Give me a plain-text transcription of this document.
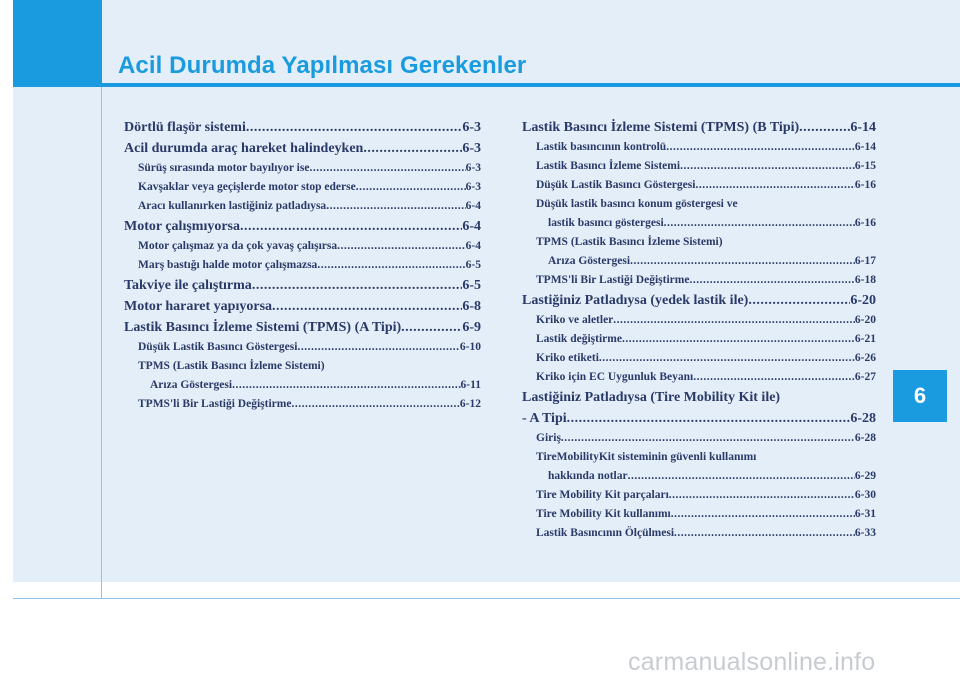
Acil Durumda Yapılması Gerekenler
Dörtlü flaşör sistemi .....	6-3
Acil durumda araç hareket halindeyken .....	6-3
Sürüş sırasında motor bayılıyor ise .....	6-3
Kavşaklar veya geçişlerde motor stop ederse .....	6-3
Aracı kullanırken lastiğiniz patladıysa .....	6-4
Motor çalışmıyorsa .....	6-4
Motor çalışmaz ya da çok yavaş çalışırsa .....	6-4
Marş bastığı halde motor çalışmazsa .....	6-5
Takviye ile çalıştırma .....	6-5
Motor hararet yapıyorsa .....	6-8
Lastik Basıncı İzleme Sistemi (TPMS) (A Tipi) .....	6-9
Düşük Lastik Basıncı Göstergesi .....	6-10
TPMS (Lastik Basıncı İzleme Sistemi)
Arıza Göstergesi .....	6-11
TPMS'li Bir Lastiği Değiştirme .....	6-12
Lastik Basıncı İzleme Sistemi (TPMS) (B Tipi) .....	6-14
Lastik basıncının kontrolü .....	6-14
Lastik Basıncı İzleme Sistemi .....	6-15
Düşük Lastik Basıncı Göstergesi .....	6-16
Düşük lastik basıncı konum göstergesi ve
lastik basıncı göstergesi .....	6-16
TPMS (Lastik Basıncı İzleme Sistemi)
Arıza Göstergesi .....	6-17
TPMS'li Bir Lastiği Değiştirme .....	6-18
Lastiğiniz Patladıysa (yedek lastik ile) .....	6-20
Kriko ve aletler .....	6-20
Lastik değiştirme .....	6-21
Kriko etiketi .....	6-26
Kriko için EC Uygunluk Beyanı .....	6-27
Lastiğiniz Patladıysa (Tire Mobility Kit ile)
- A Tipi .....	6-28
Giriş .....	6-28
TireMobilityKit sisteminin güvenli kullanımı
hakkında notlar .....	6-29
Tire Mobility Kit parçaları .....	6-30
Tire Mobility Kit kullanımı .....	6-31
Lastik Basıncının Ölçülmesi .....	6-33
6
carmanualsonline.info
